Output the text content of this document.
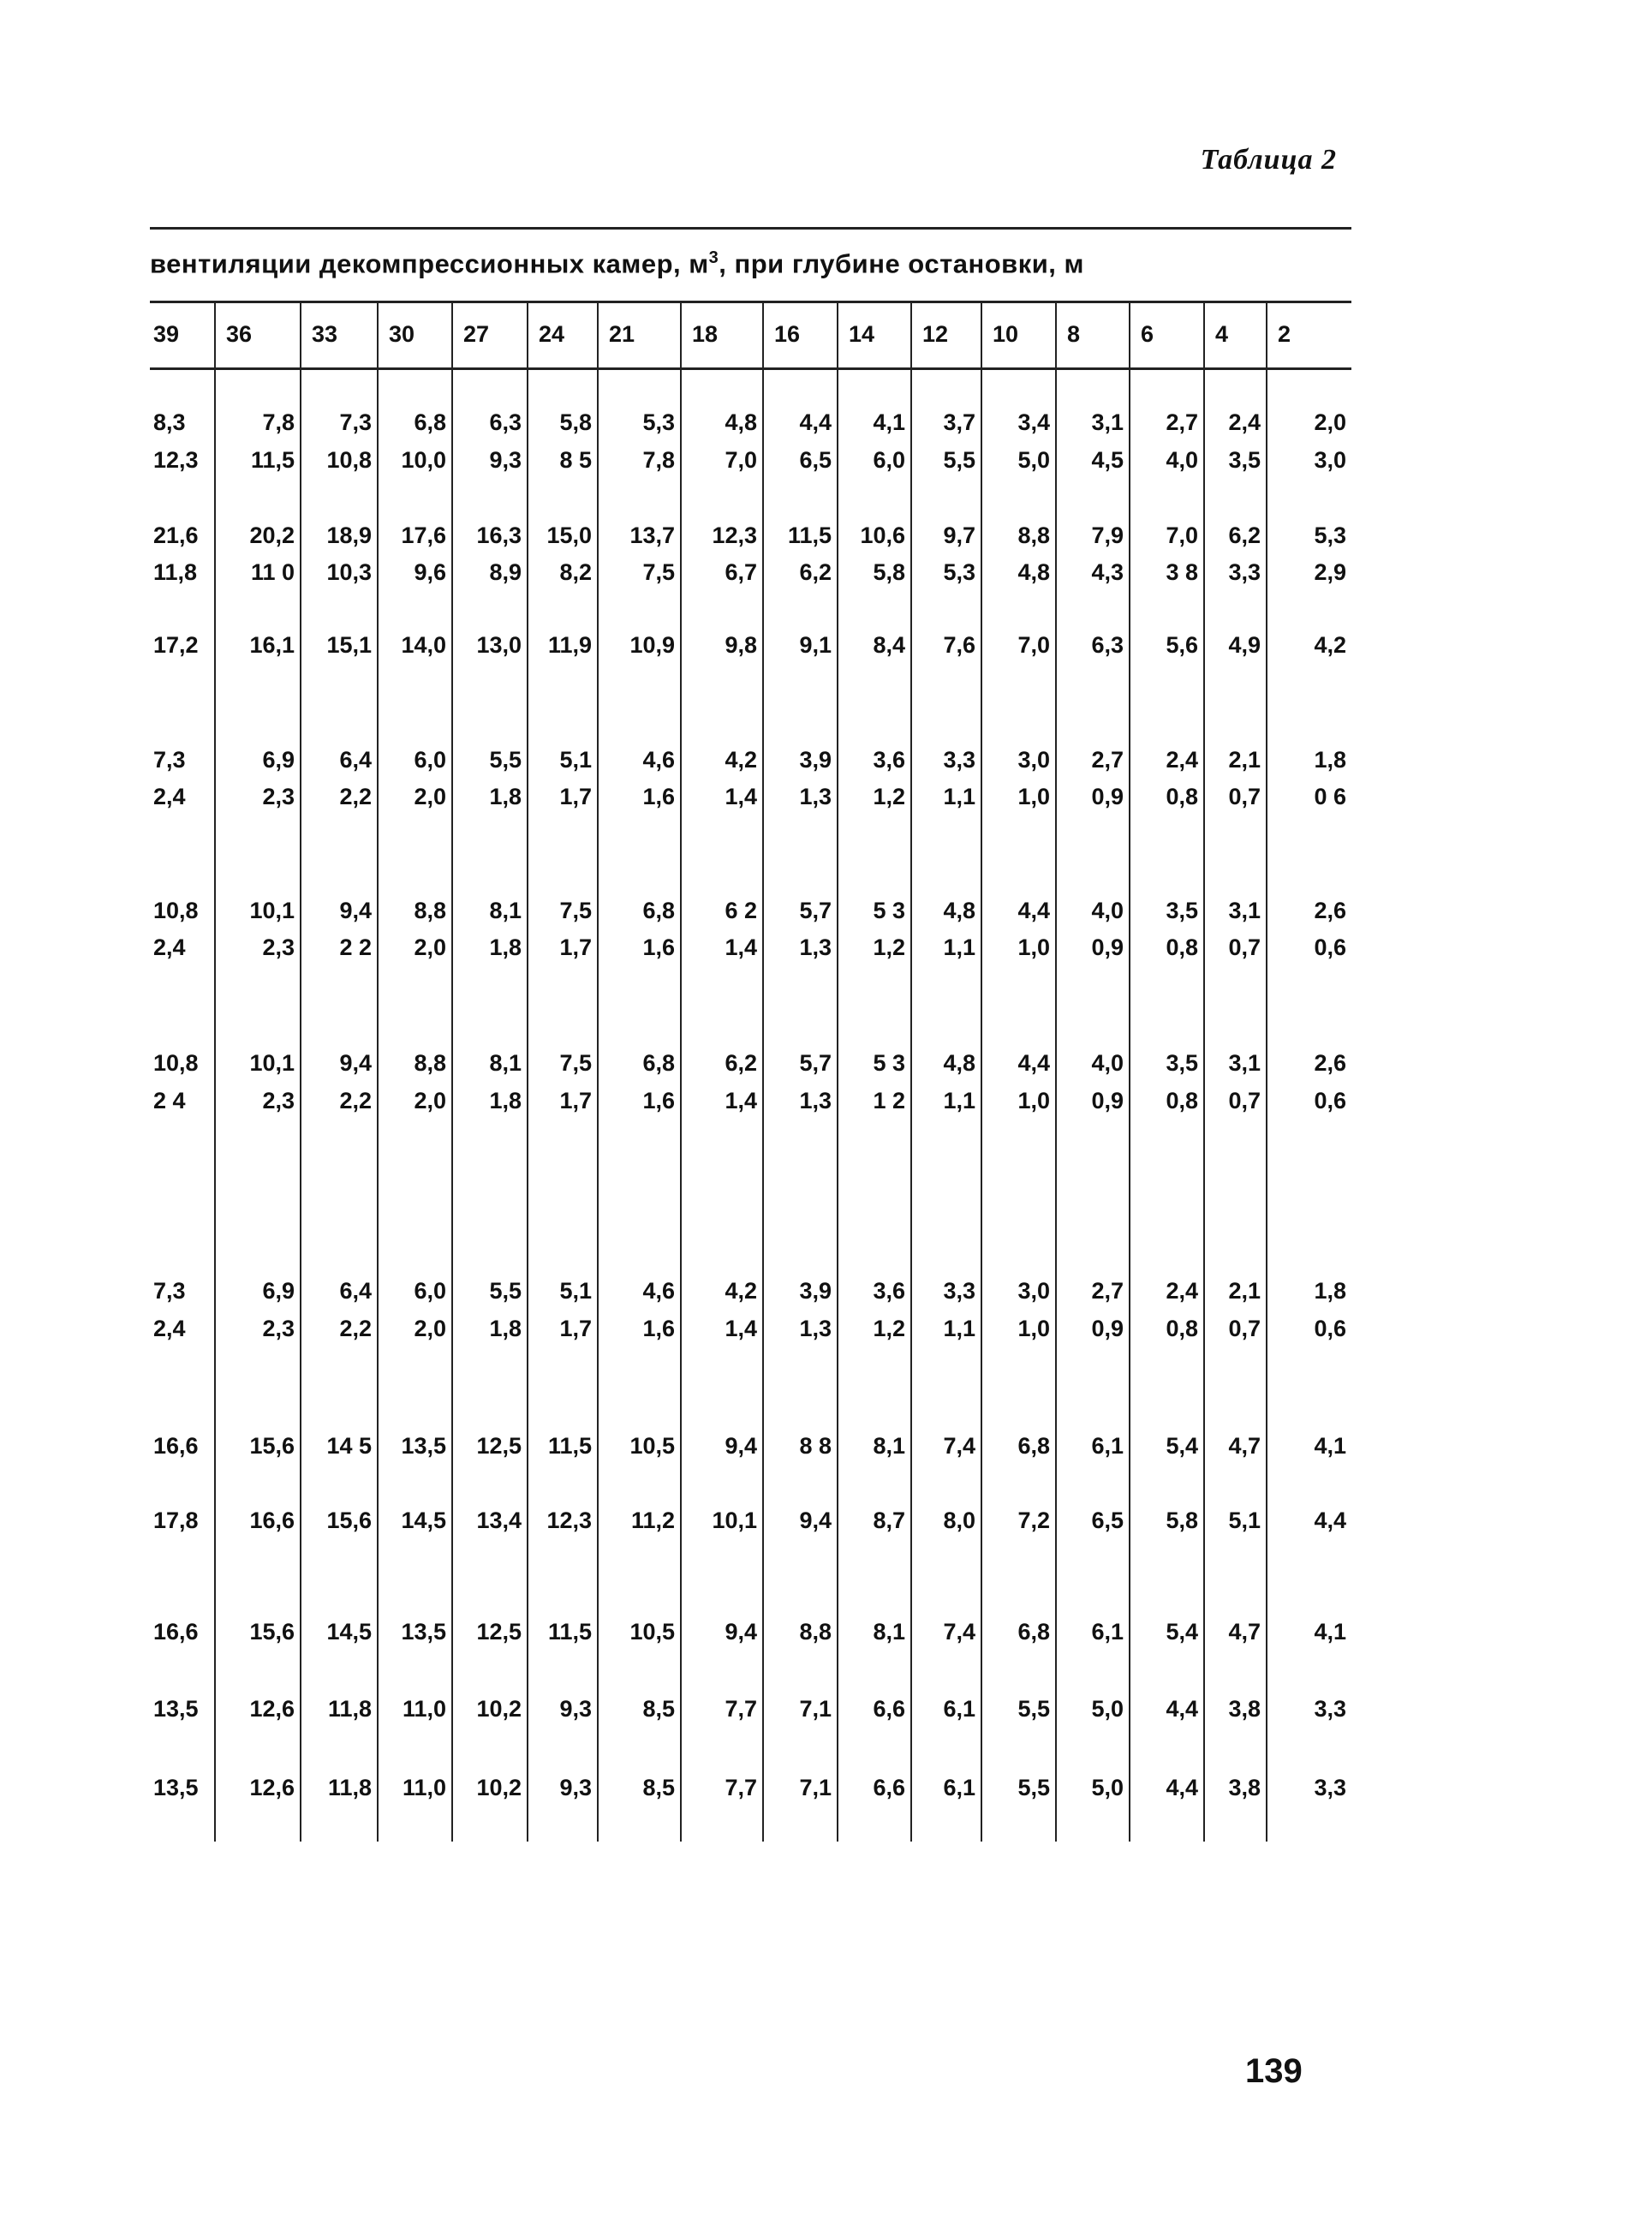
Таблица 2
вентиляции декомпрессионных камер, $м^3$, при глубине остановки, м
39 36	33 30 27 24 21 18 16 14 12 10 8	6	4 2
8,3	7,8 7,3 6,8 6,3 5,8 5,3 4,8 4,4 4,1 3,7 3,4 3,1 2,7 2,4 2,0
12,3 11,5 10,8 10,0 9,3 8 5 7,8 7,0 6,5 6,0 5,5 5,0 4,5 4,0 3,5 3,0
21,6 20,2 18,9 17,6 16,3 15,0 13,7 12,3 11,5 10,6 9,7 8,8 7,9 7,0 6,2 5,3
11,8 11 0 10,3 9,6 8,9 8,2 7,5 6,7 6,2 5,8 5,3 4,8 4,3 3 8 3,3 2,9
17,2 16,1 15,1 14,0 13,0 11,9 10,9 9,8 9,1 8,4 7,6 7,0 6,3 5,6 4,9 4,2
7,3	6,9 6,4 6,0 5,5 5,1 4,6 4,2 3,9 3,6 3,3 3,0 2,7 2,4 2,1 1,8
2,4	2,3 2,2 2,0 1,8 1,7 1,6 1,4 1,3 1,2 1,1 1,0 0,9 0,8 0,7 0 6
10,8 10,1 9,4 8,8 8,1 7,5 6,8 6 2 5,7 5 3 4,8 4,4 4,0 3,5 3,1 2,6
2,4	2,3 2 2 2,0 1,8 1,7 1,6 1,4 1,3 1,2 1,1 1,0 0,9 0,8 0,7 0,6
10,8 10,1 9,4 8,8 8,1 7,5 6,8 6,2 5,7 5 3 4,8 4,4 4,0 3,5 3,1 2,6
2 4	2,3 2,2 2,0 1,8 1,7 1,6 1,4 1,3 1 2 1,1 1,0 0,9 0,8 0,7 0,6
7,3	6,9 6,4 6,0 5,5 5,1 4,6 4,2 3,9 3,6 3,3 3,0 2,7 2,4 2,1 1,8
2,4	2,3 2,2 2,0 1,8 1,7 1,6 1,4 1,3 1,2 1,1 1,0 0,9 0,8 0,7 0,6
16,6 15,6 14 5 13,5 12,5 11,5 10,5 9,4 8 8 8,1 7,4 6,8 6,1 5,4 4,7 4,1
17,8 16,6 15,6 14,5 13,4 12,3 11,2 10,1 9,4 8,7 8,0 7,2 6,5 5,8 5,1 4,4
16,6 15,6 14,5 13,5 12,5 11,5 10,5 9,4 8,8 8,1 7,4 6,8 6,1 5,4 4,7 4,1
13,5 12,6 11,8 11,0 10,2 9,3 8,5 7,7 7,1 6,6 6,1 5,5 5,0 4,4 3,8 3,3
13,5 12,6 11,8 11,0 10,2 9,3 8,5 7,7 7,1 6,6 6,1 5,5 5,0 4,4 3,8 3,3
139
